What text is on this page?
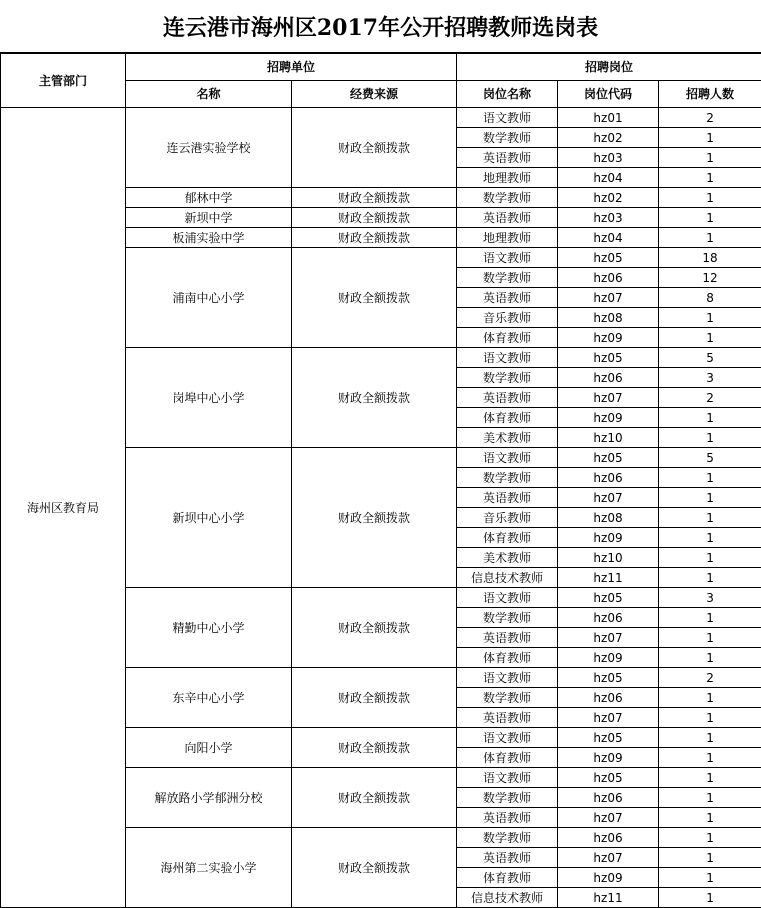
连云港市海州区2017年公开招聘教师选岗表
主管部门	招聘单位		招聘岗位		
	名称	经费来源	岗位名称	岗位代码	招聘人数
海州区教育局	连云港实验学校	财政全额拨款	语文教师	hz01	2
			数学教师	hz02	1
			英语教师	hz03	1
			地理教师	hz04	1
	郁林中学	财政全额拨款	数学教师	hz02	1
	新坝中学	财政全额拨款	英语教师	hz03	1
	板浦实验中学	财政全额拨款	地理教师	hz04	1
	浦南中心小学	财政全额拨款	语文教师	hz05	18
			数学教师	hz06	12
			英语教师	hz07	8
			音乐教师	hz08	1
			体育教师	hz09	1
	岗埠中心小学	财政全额拨款	语文教师	hz05	5
			数学教师	hz06	3
			英语教师	hz07	2
			体育教师	hz09	1
			美术教师	hz10	1
	新坝中心小学	财政全额拨款	语文教师	hz05	5
			数学教师	hz06	1
			英语教师	hz07	1
			音乐教师	hz08	1
			体育教师	hz09	1
			美术教师	hz10	1
			信息技术教师	hz11	1
	精勤中心小学	财政全额拨款	语文教师	hz05	3
			数学教师	hz06	1
			英语教师	hz07	1
			体育教师	hz09	1
	东辛中心小学	财政全额拨款	语文教师	hz05	2
			数学教师	hz06	1
			英语教师	hz07	1
	向阳小学	财政全额拨款	语文教师	hz05	1
			体育教师	hz09	1
	解放路小学郁洲分校	财政全额拨款	语文教师	hz05	1
			数学教师	hz06	1
			英语教师	hz07	1
	海州第二实验小学	财政全额拨款	数学教师	hz06	1
			英语教师	hz07	1
			体育教师	hz09	1
			信息技术教师	hz11	1
